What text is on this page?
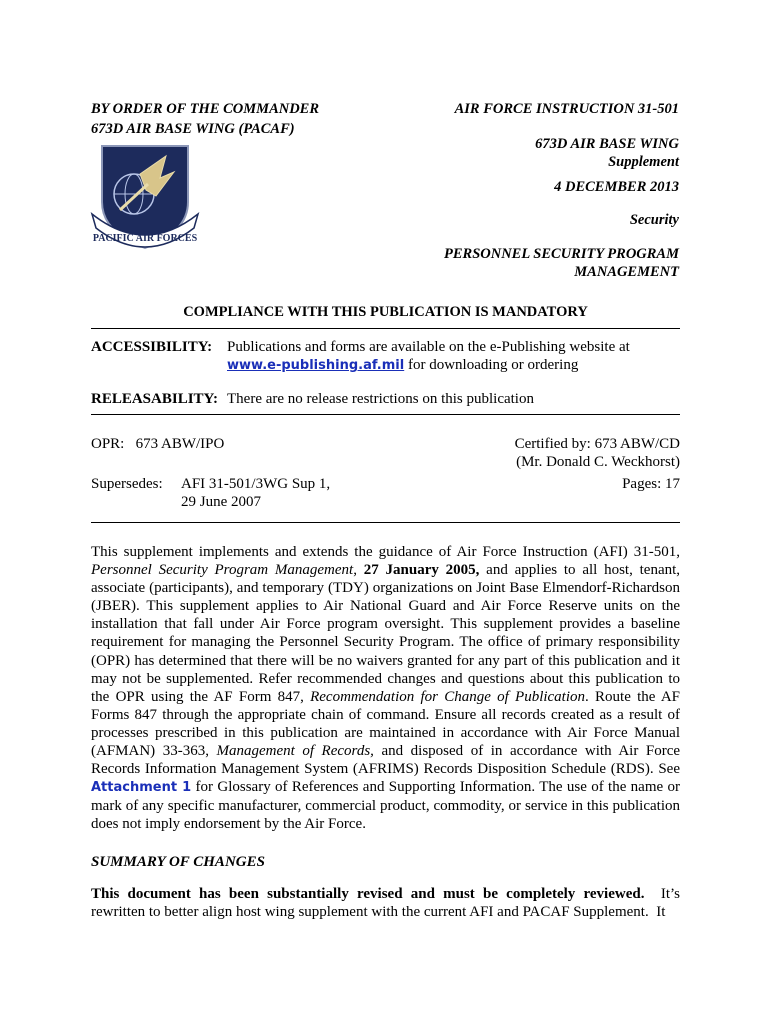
BY ORDER OF THE COMMANDER
673D AIR BASE WING (PACAF)
PACIFIC AIR FORCES
AIR FORCE INSTRUCTION 31-501
673D AIR BASE WING
Supplement
4 DECEMBER 2013
Security
PERSONNEL SECURITY PROGRAM
MANAGEMENT
COMPLIANCE WITH THIS PUBLICATION IS MANDATORY
ACCESSIBILITY: Publications and forms are available on the e-Publishing website at
www.e-publishing.af.mil for downloading or ordering
RELEASABILITY: There are no release restrictions on this publication
OPR:   673 ABW/IPO	Certified by: 673 ABW/CD
(Mr. Donald C. Weckhorst)
Supersedes: AFI 31-501/3WG Sup 1,
29 June 2007
Pages: 17
This supplement implements and extends the guidance of Air Force Instruction (AFI) 31-501, Personnel Security Program Management, 27 January 2005, and applies to all host, tenant, associate (participants), and temporary (TDY) organizations on Joint Base Elmendorf-Richardson (JBER). This supplement applies to Air National Guard and Air Force Reserve units on the installation that fall under Air Force program oversight. This supplement provides a baseline requirement for managing the Personnel Security Program. The office of primary responsibility (OPR) has determined that there will be no waivers granted for any part of this publication and it may not be supplemented. Refer recommended changes and questions about this publication to the OPR using the AF Form 847, Recommendation for Change of Publication. Route the AF Forms 847 through the appropriate chain of command. Ensure all records created as a result of processes prescribed in this publication are maintained in accordance with Air Force Manual (AFMAN) 33-363, Management of Records, and disposed of in accordance with Air Force Records Information Management System (AFRIMS) Records Disposition Schedule (RDS). See Attachment 1 for Glossary of References and Supporting Information. The use of the name or mark of any specific manufacturer, commercial product, commodity, or service in this publication does not imply endorsement by the Air Force.
SUMMARY OF CHANGES
This document has been substantially revised and must be completely reviewed.  It’s rewritten to better align host wing supplement with the current AFI and PACAF Supplement.  It
